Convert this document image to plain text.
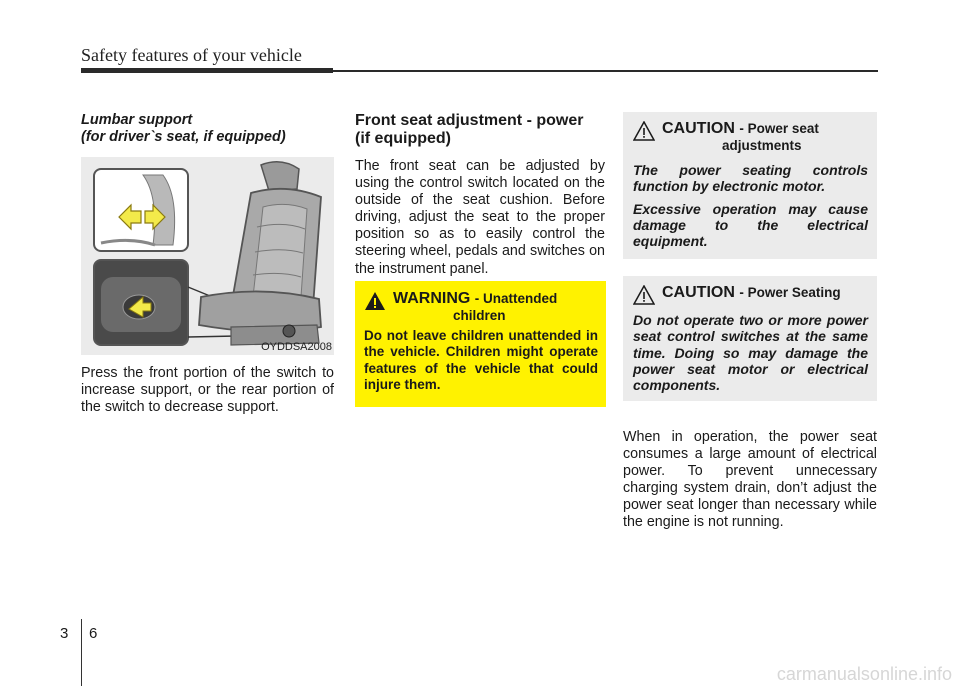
Safety features of your vehicle

Lumbar support

(for driver`s seat, if equipped)

OYDDSA2008

Press the front portion of the switch to increase support, or the rear portion of the switch to decrease support.

Front seat adjustment - power
(if equipped)

The front seat can be adjusted by using the control switch located on the outside of the seat cushion. Before driving, adjust the seat to the proper position so as to easily control the steering wheel, pedals and switches on the instrument panel.

WARNING - Unattended
children

Do not leave children unattended in the vehicle. Children might operate features of the vehicle that could injure them.

CAUTION - Power seat
adjustments

The power seating controls function by electronic motor.

Excessive operation may cause damage to the electrical equipment.

CAUTION - Power Seating

Do not operate two or more power seat control switches at the same time. Doing so may damage the power seat motor or electrical components.

When in operation, the power seat consumes a large amount of electrical power. To prevent unnecessary charging system drain, don’t adjust the power seat longer than necessary while the engine is not running.

3 6
carmanualsonline.info
